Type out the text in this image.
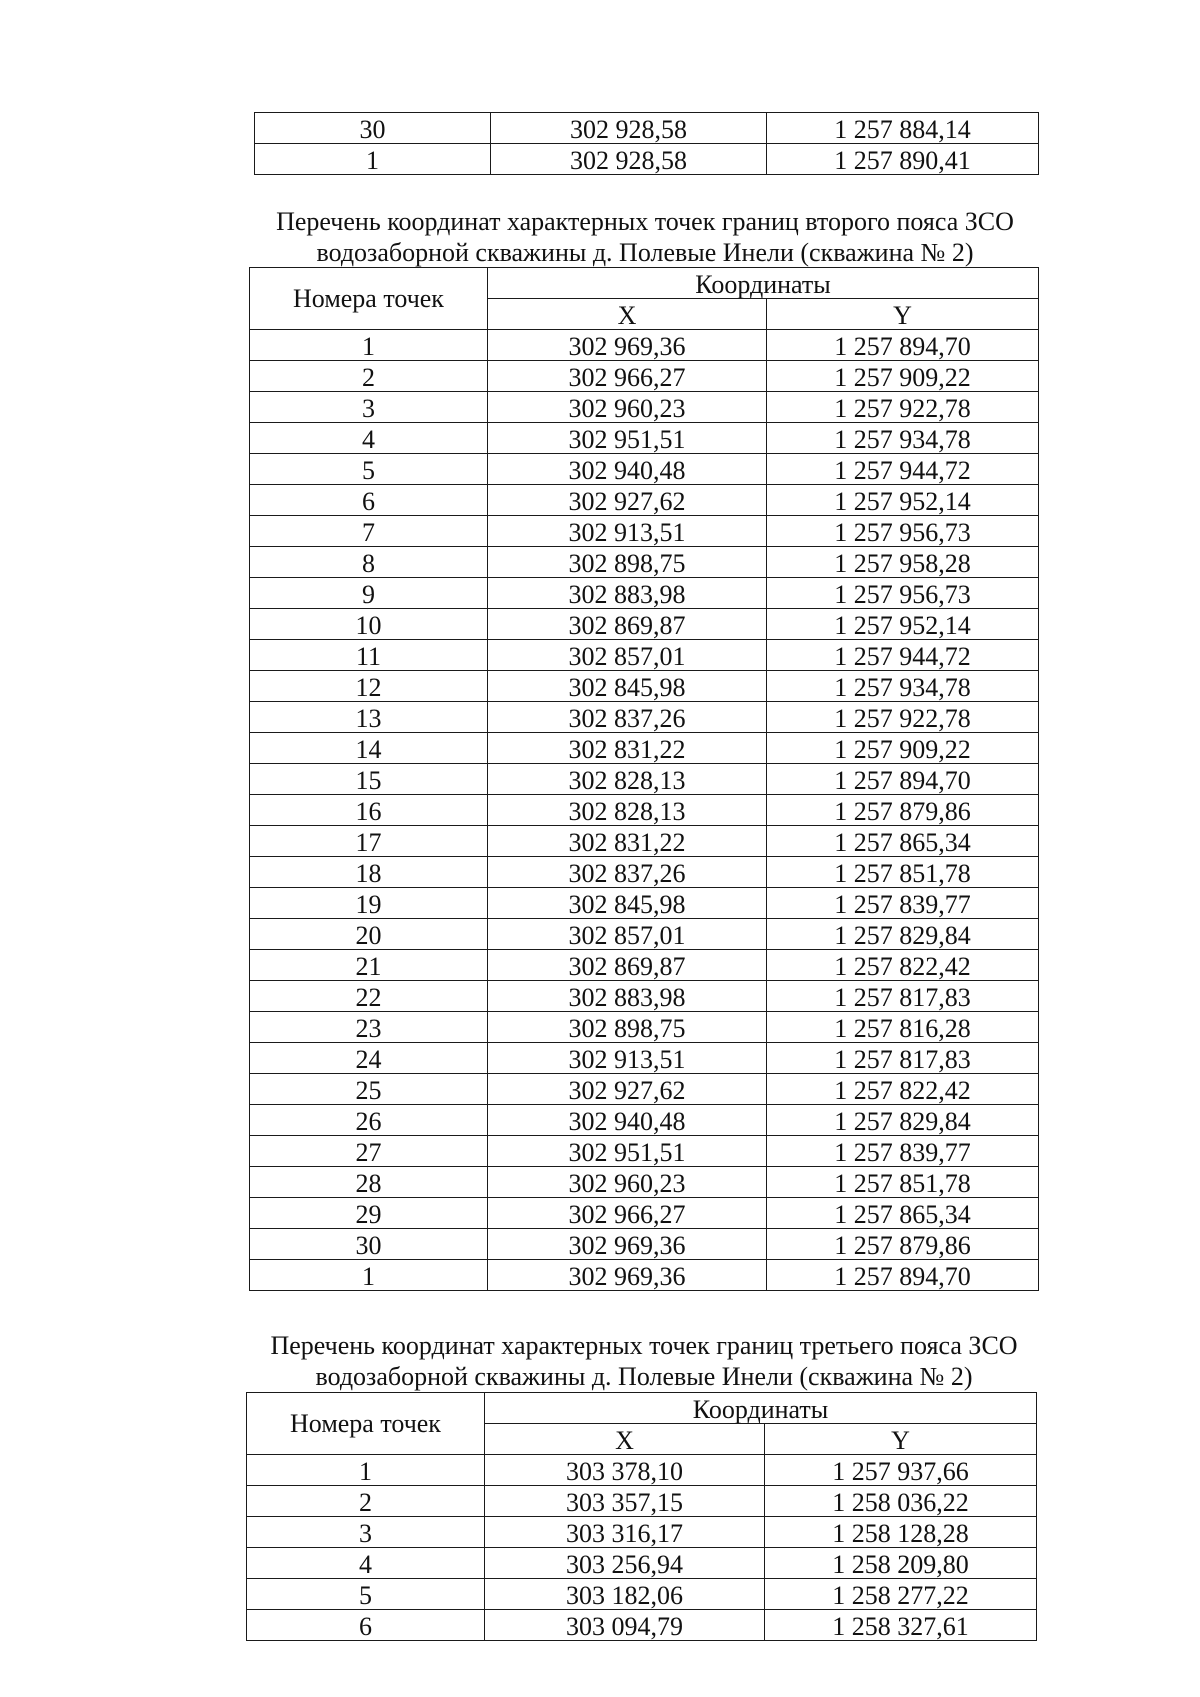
30	302 928,58	1 257 884,14
1	302 928,58	1 257 890,41
Перечень координат характерных точек границ второго пояса ЗСО
водозаборной скважины д. Полевые Инели (скважина № 2)
Номера точек	Координаты	
	X	Y
1	302 969,36	1 257 894,70
2	302 966,27	1 257 909,22
3	302 960,23	1 257 922,78
4	302 951,51	1 257 934,78
5	302 940,48	1 257 944,72
6	302 927,62	1 257 952,14
7	302 913,51	1 257 956,73
8	302 898,75	1 257 958,28
9	302 883,98	1 257 956,73
10	302 869,87	1 257 952,14
11	302 857,01	1 257 944,72
12	302 845,98	1 257 934,78
13	302 837,26	1 257 922,78
14	302 831,22	1 257 909,22
15	302 828,13	1 257 894,70
16	302 828,13	1 257 879,86
17	302 831,22	1 257 865,34
18	302 837,26	1 257 851,78
19	302 845,98	1 257 839,77
20	302 857,01	1 257 829,84
21	302 869,87	1 257 822,42
22	302 883,98	1 257 817,83
23	302 898,75	1 257 816,28
24	302 913,51	1 257 817,83
25	302 927,62	1 257 822,42
26	302 940,48	1 257 829,84
27	302 951,51	1 257 839,77
28	302 960,23	1 257 851,78
29	302 966,27	1 257 865,34
30	302 969,36	1 257 879,86
1	302 969,36	1 257 894,70
Перечень координат характерных точек границ третьего пояса ЗСО
водозаборной скважины д. Полевые Инели (скважина № 2)
Номера точек	Координаты	
	X	Y
1	303 378,10	1 257 937,66
2	303 357,15	1 258 036,22
3	303 316,17	1 258 128,28
4	303 256,94	1 258 209,80
5	303 182,06	1 258 277,22
6	303 094,79	1 258 327,61
